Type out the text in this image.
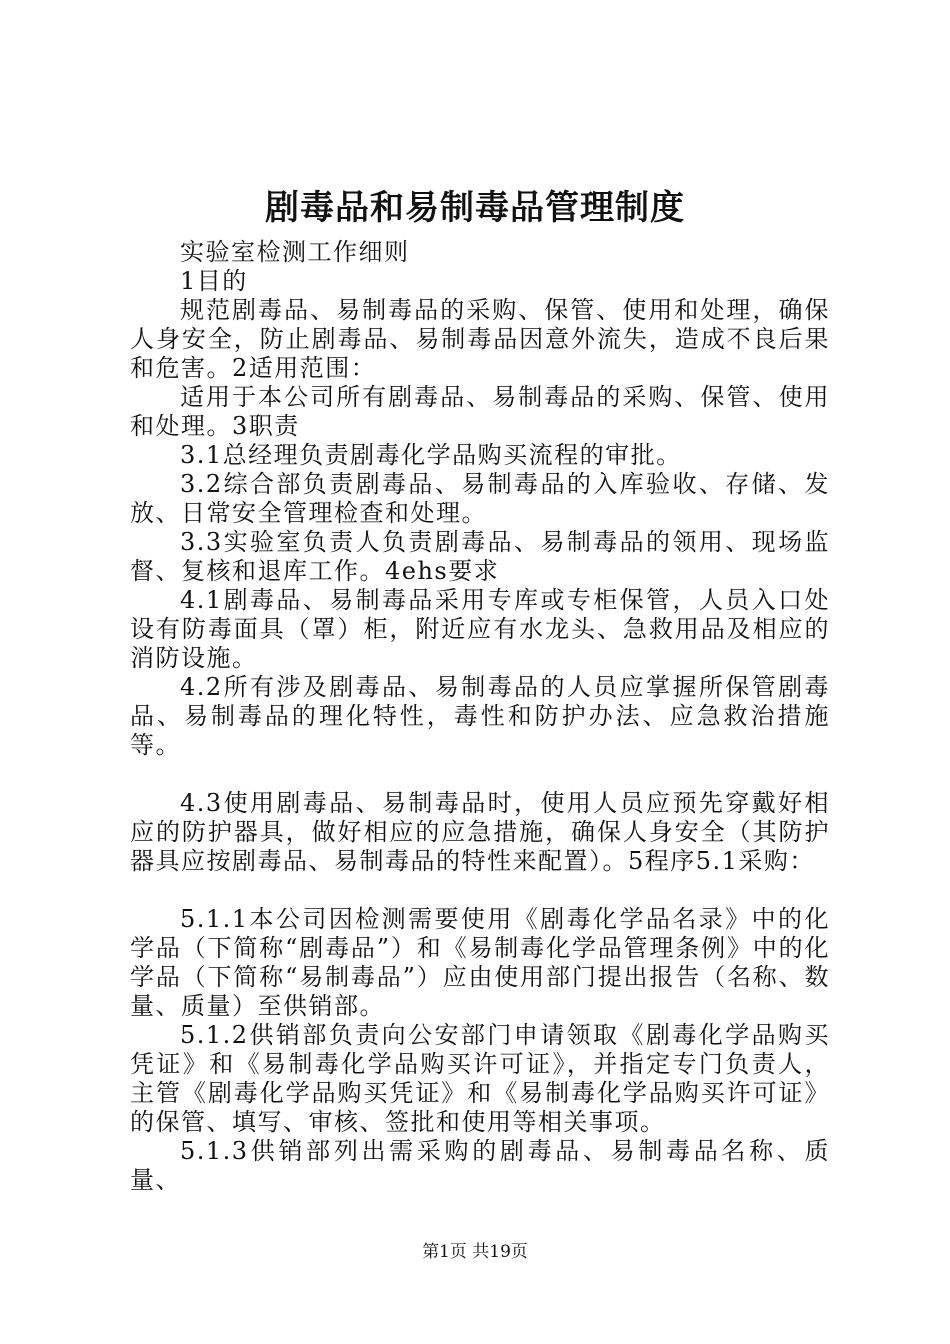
剧毒品和易制毒品管理制度

实验室检测工作细则

1目的

规范剧毒品、易制毒品的采购、保管、使用和处理，确保人身安全，防止剧毒品、易制毒品因意外流失，造成不良后果和危害。2适用范围：

适用于本公司所有剧毒品、易制毒品的采购、保管、使用和处理。3职责

3.1总经理负责剧毒化学品购买流程的审批。

3.2综合部负责剧毒品、易制毒品的入库验收、存储、发放、日常安全管理检查和处理。

3.3实验室负责人负责剧毒品、易制毒品的领用、现场监督、复核和退库工作。4ehs要求

4.1剧毒品、易制毒品采用专库或专柜保管，人员入口处设有防毒面具（罩）柜，附近应有水龙头、急救用品及相应的消防设施。

4.2所有涉及剧毒品、易制毒品的人员应掌握所保管剧毒品、易制毒品的理化特性，毒性和防护办法、应急救治措施等。

4.3使用剧毒品、易制毒品时，使用人员应预先穿戴好相应的防护器具，做好相应的应急措施，确保人身安全（其防护器具应按剧毒品、易制毒品的特性来配置）。5程序5.1采购：

5.1.1本公司因检测需要使用《剧毒化学品名录》中的化学品（下简称“剧毒品”）和《易制毒化学品管理条例》中的化学品（下简称“易制毒品”）应由使用部门提出报告（名称、数量、质量）至供销部。

5.1.2供销部负责向公安部门申请领取《剧毒化学品购买凭证》和《易制毒化学品购买许可证》，并指定专门负责人，主管《剧毒化学品购买凭证》和《易制毒化学品购买许可证》的保管、填写、审核、签批和使用等相关事项。

5.1.3供销部列出需采购的剧毒品、易制毒品名称、质量、

第1页 共19页
